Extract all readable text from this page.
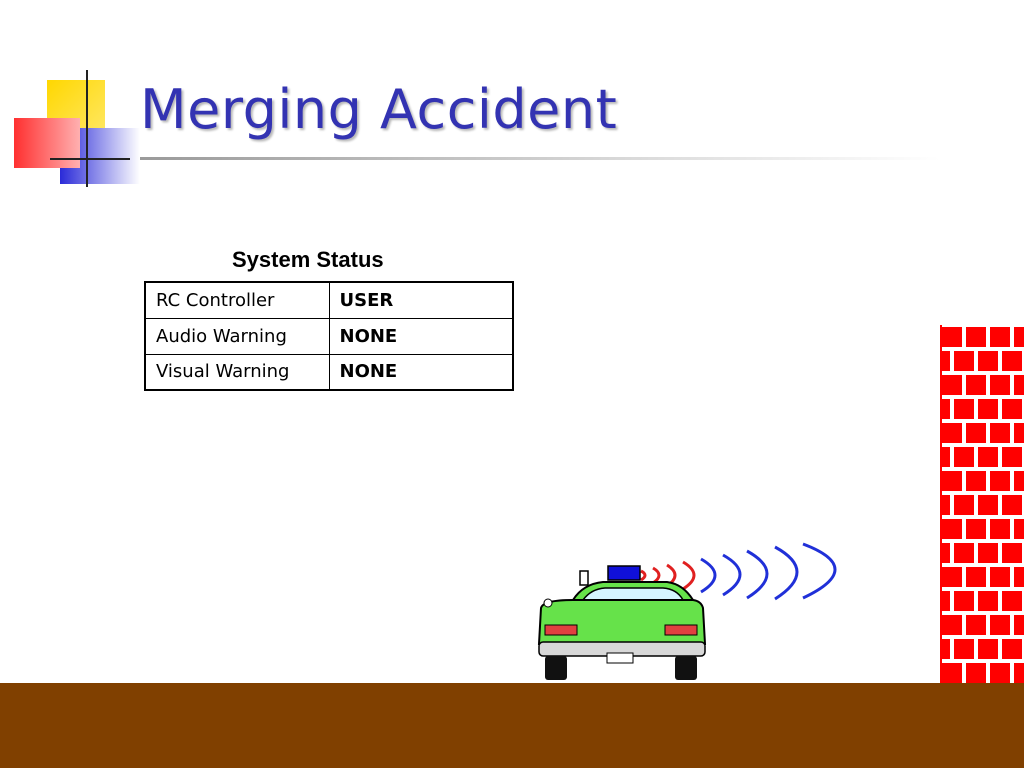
Merging Accident
System Status
RC Controller	USER
Audio Warning	NONE
Visual Warning	NONE
